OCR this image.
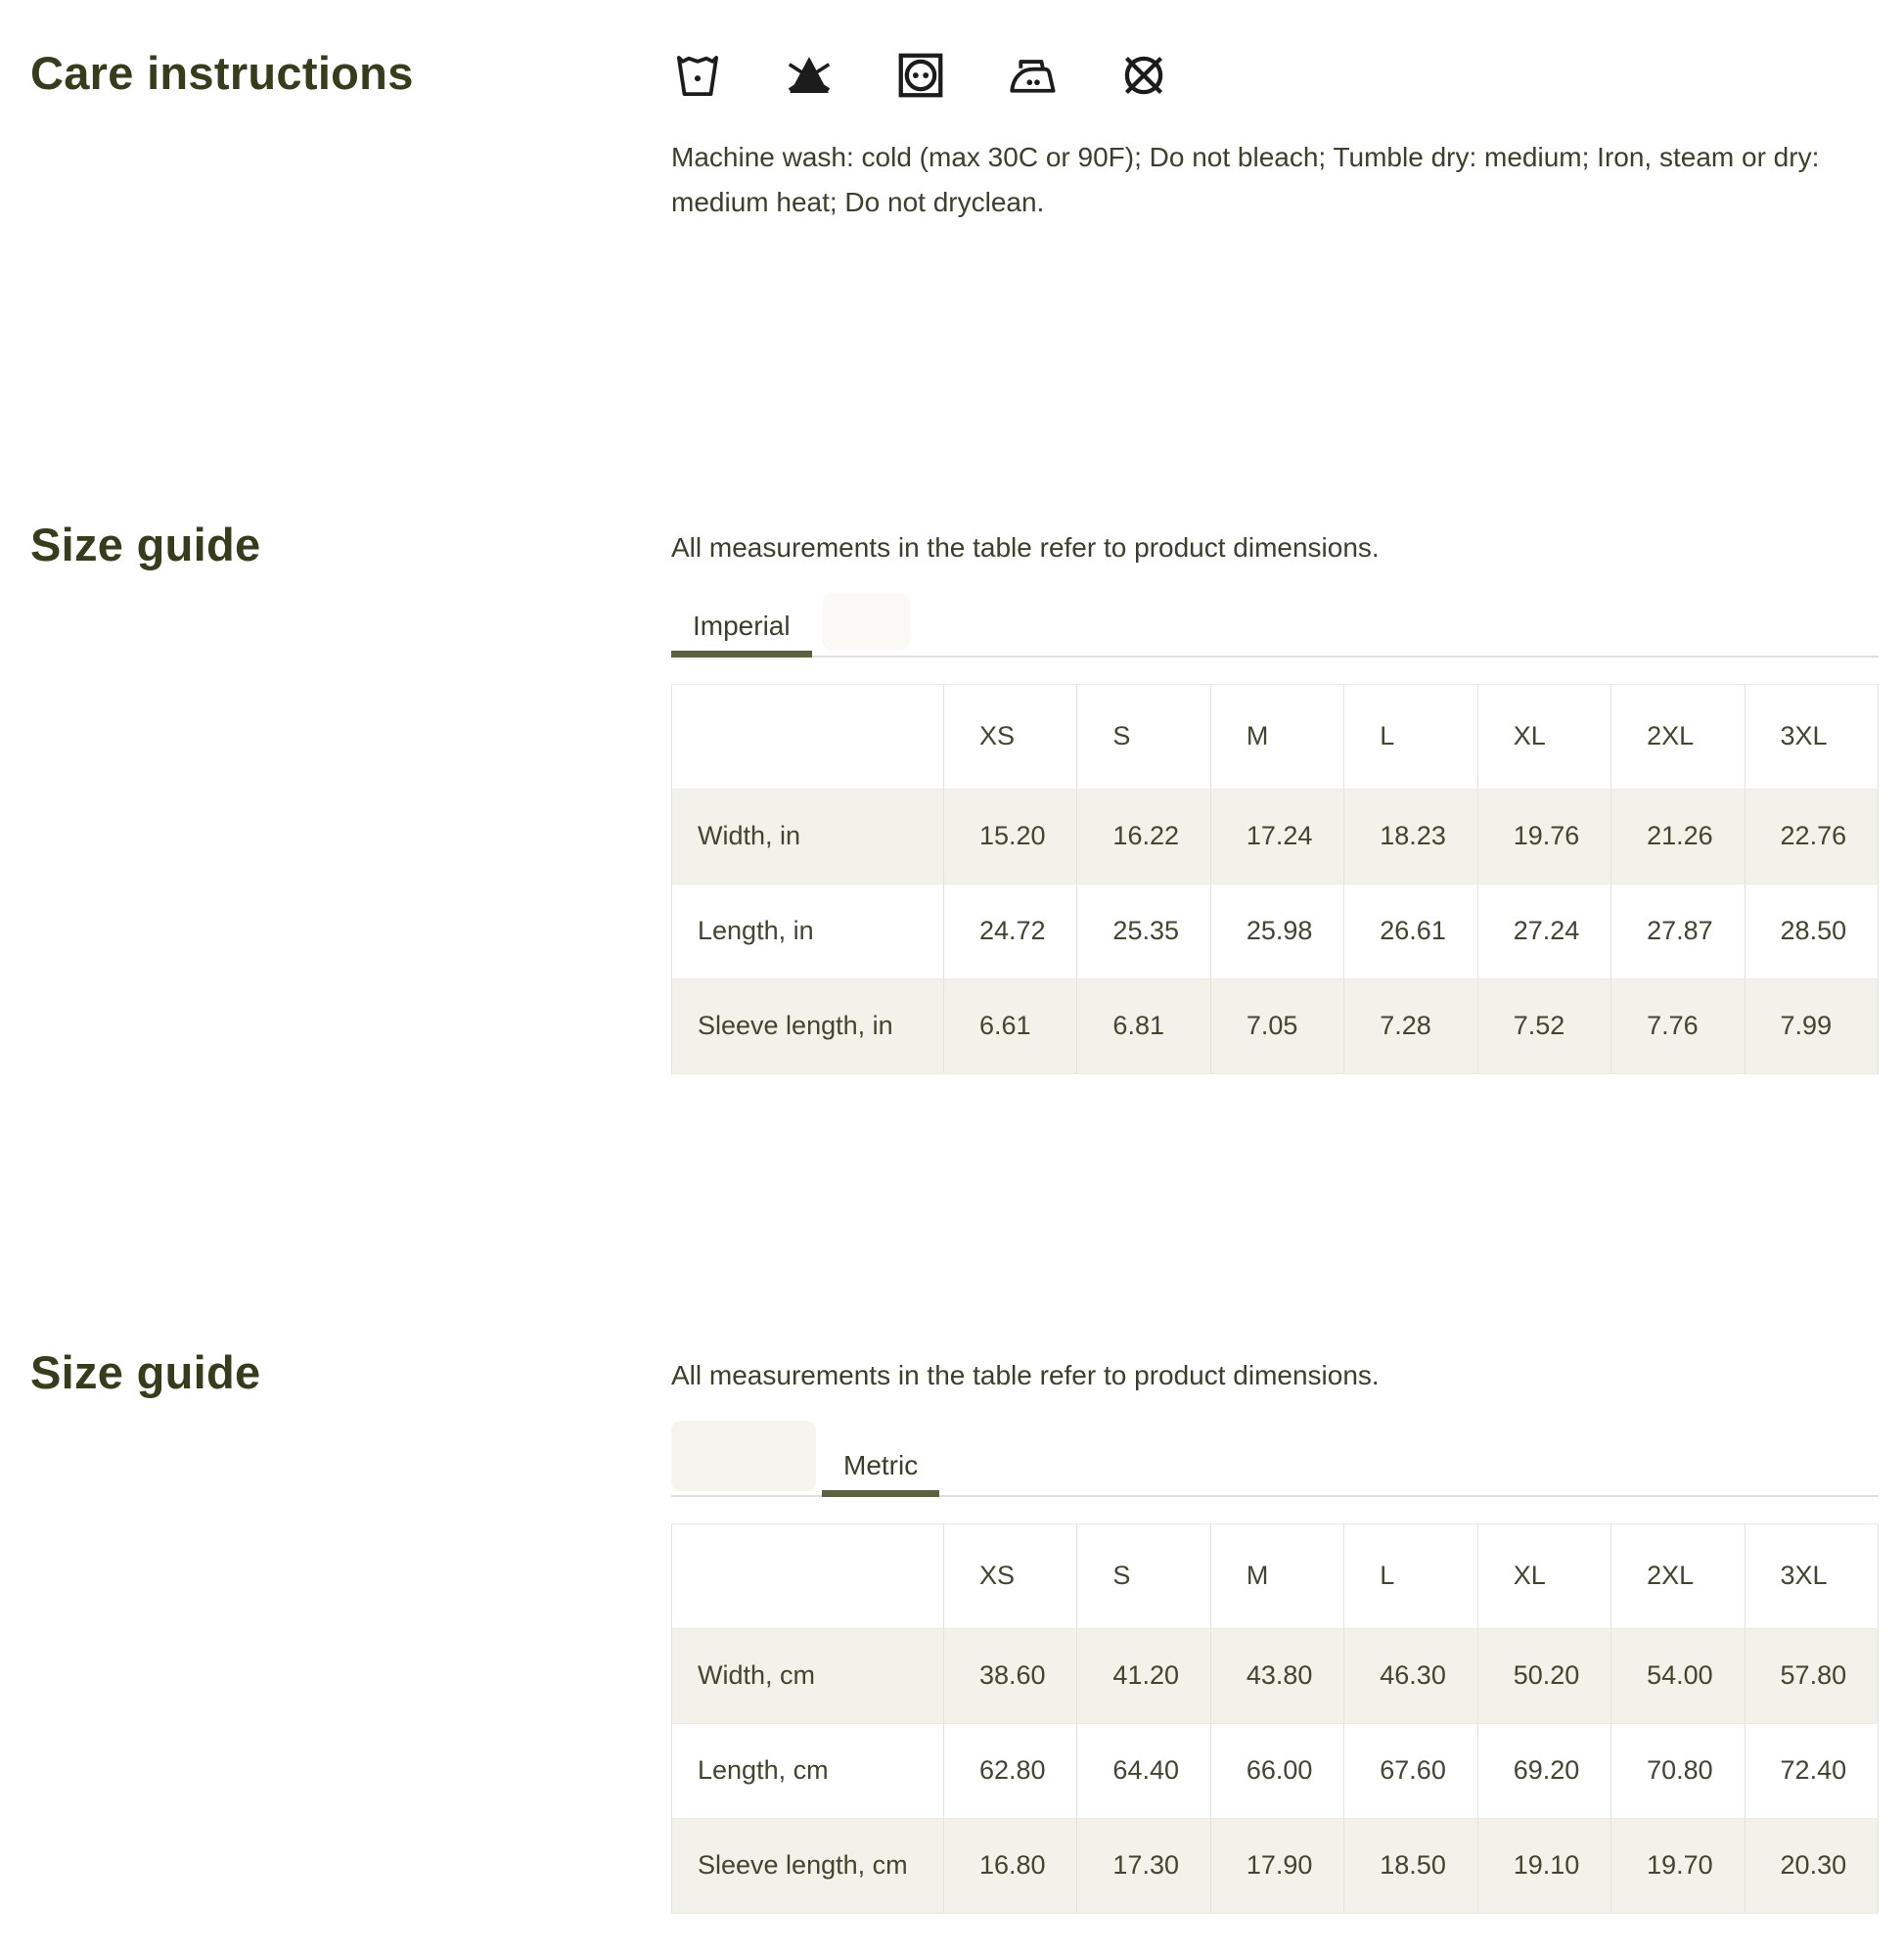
Care instructions

Machine wash: cold (max 30C or 90F); Do not bleach; Tumble dry: medium; Iron, steam or dry: medium heat; Do not dryclean.

Size guide	All measurements in the table refer to product dimensions.

Imperial
	XS	S	M	L	XL	2XL	3XL
Width, in	15.20	16.22	17.24	18.23	19.76	21.26	22.76
Length, in	24.72	25.35	25.98	26.61	27.24	27.87	28.50
Sleeve length, in	6.61	6.81	7.05	7.28	7.52	7.76	7.99
Size guide	All measurements in the table refer to product dimensions.

Metric
	XS	S	M	L	XL	2XL	3XL
Width, cm	38.60	41.20	43.80	46.30	50.20	54.00	57.80
Length, cm	62.80	64.40	66.00	67.60	69.20	70.80	72.40
Sleeve length, cm	16.80	17.30	17.90	18.50	19.10	19.70	20.30
